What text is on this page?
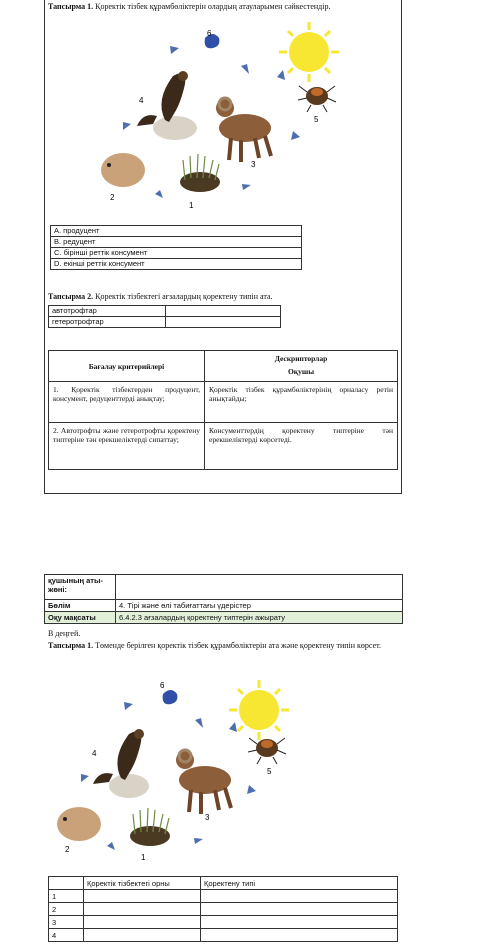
Тапсырма 1. Қоректік тізбек құрамбөліктерін олардың атауларымен сәйкестендір.
6
4
5
3
2
1
А. продуцент
В. редуцент
С. бірінші реттік консумент
D. екінші реттік консумент
Тапсырма 2. Қоректік тізбектегі ағзалардың қоректену типін ата.
автотрофтар	
гетеротрофтар	
Бағалау критерийлері	Дескрипторлар
Оқушы

1. Қоректік тізбектерден продуцент, консумент, редуценттерді анықтау;	Қоректік тізбек құрамбөліктерінің орналасу ретін анықтайды;
2. Автотрофты және гетеротрофты қоректену типтеріне тән ерекшеліктерді сипаттау;	Консументтердің қоректену типтеріне тән ерекшеліктерді көрсетеді.
қушының аты-жөні:	
Бөлім	4. Тірі және өлі табиғаттағы үдерістер
Оқу мақсаты	6.4.2.3 ағзалардың қоректену типтерін ажырату
В деңгей.
Тапсырма 1. Төменде берілген қоректік тізбек құрамбөліктерін ата және қоректену типін көрсет.
6
4
5
3
2
1
	Қоректік тізбектегі орны	Қоректену типі
1		
2		
3		
4		
